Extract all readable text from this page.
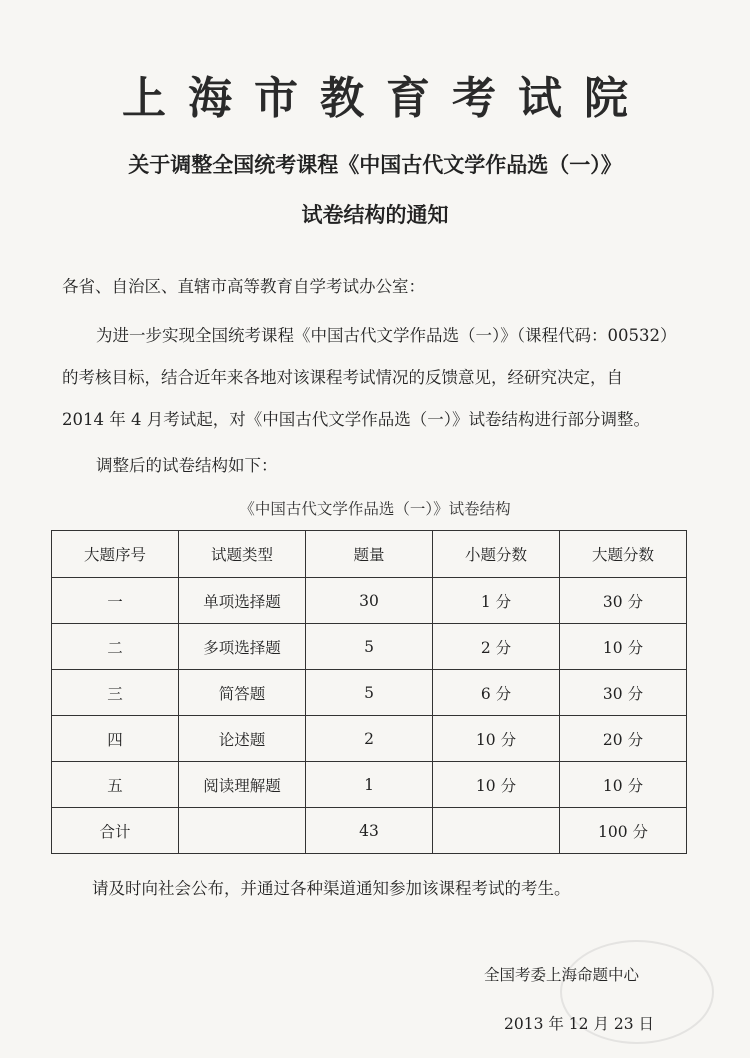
上海市教育考试院
关于调整全国统考课程《中国古代文学作品选（一）》
试卷结构的通知
各省、自治区、直辖市高等教育自学考试办公室：
为进一步实现全国统考课程《中国古代文学作品选（一）》（课程代码：00532）
的考核目标，结合近年来各地对该课程考试情况的反馈意见，经研究决定，自
2014 年 4 月考试起，对《中国古代文学作品选（一）》试卷结构进行部分调整。
调整后的试卷结构如下：
《中国古代文学作品选（一）》试卷结构
大题序号	试题类型	题量	小题分数	大题分数
一	单项选择题	30	1 分	30 分
二	多项选择题	5	2 分	10 分
三	简答题	5	6 分	30 分
四	论述题	2	10 分	20 分
五	阅读理解题	1	10 分	10 分
合计		43		100 分
请及时向社会公布，并通过各种渠道通知参加该课程考试的考生。
全国考委上海命题中心
2013 年 12 月 23 日
